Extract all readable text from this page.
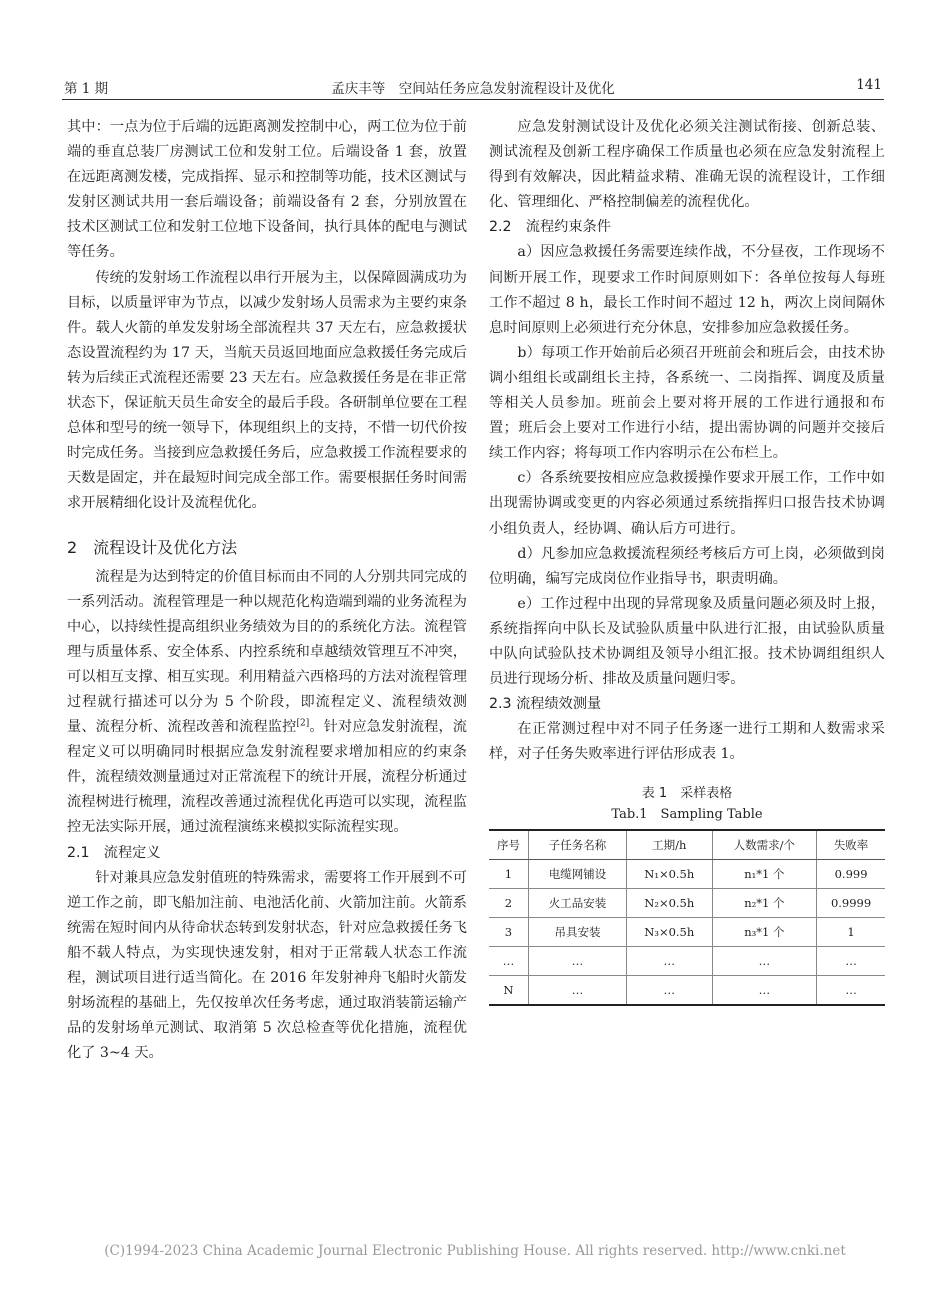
第 1 期	孟庆丰等　空间站任务应急发射流程设计及优化	141

其中：一点为位于后端的远距离测发控制中心，两工位为位于前端的垂直总装厂房测试工位和发射工位。后端设备 1 套，放置在远距离测发楼，完成指挥、显示和控制等功能，技术区测试与发射区测试共用一套后端设备；前端设备有 2 套，分别放置在技术区测试工位和发射工位地下设备间，执行具体的配电与测试等任务。

传统的发射场工作流程以串行开展为主，以保障圆满成功为目标，以质量评审为节点，以减少发射场人员需求为主要约束条件。载人火箭的单发发射场全部流程共 37 天左右，应急救援状态设置流程约为 17 天，当航天员返回地面应急救援任务完成后转为后续正式流程还需要 23 天左右。应急救援任务是在非正常状态下，保证航天员生命安全的最后手段。各研制单位要在工程总体和型号的统一领导下，体现组织上的支持，不惜一切代价按时完成任务。当接到应急救援任务后，应急救援工作流程要求的天数是固定，并在最短时间完成全部工作。需要根据任务时间需求开展精细化设计及流程优化。

2　流程设计及优化方法

流程是为达到特定的价值目标而由不同的人分别共同完成的一系列活动。流程管理是一种以规范化构造端到端的业务流程为中心，以持续性提高组织业务绩效为目的的系统化方法。流程管理与质量体系、安全体系、内控系统和卓越绩效管理互不冲突，可以相互支撑、相互实现。利用精益六西格玛的方法对流程管理过程就行描述可以分为 5 个阶段，即流程定义、流程绩效测量、流程分析、流程改善和流程监控[2]。针对应急发射流程，流程定义可以明确同时根据应急发射流程要求增加相应的约束条件，流程绩效测量通过对正常流程下的统计开展，流程分析通过流程树进行梳理，流程改善通过流程优化再造可以实现，流程监控无法实际开展，通过流程演练来模拟实际流程实现。

2.1　流程定义

针对兼具应急发射值班的特殊需求，需要将工作开展到不可逆工作之前，即飞船加注前、电池活化前、火箭加注前。火箭系统需在短时间内从待命状态转到发射状态，针对应急救援任务飞船不载人特点，为实现快速发射，相对于正常载人状态工作流程，测试项目进行适当简化。在 2016 年发射神舟飞船时火箭发射场流程的基础上，先仅按单次任务考虑，通过取消装箭运输产品的发射场单元测试、取消第 5 次总检查等优化措施，流程优化了 3~4 天。

应急发射测试设计及优化必须关注测试衔接、创新总装、测试流程及创新工程序确保工作质量也必须在应急发射流程上得到有效解决，因此精益求精、准确无误的流程设计，工作细化、管理细化、严格控制偏差的流程优化。

2.2　流程约束条件

a）因应急救援任务需要连续作战，不分昼夜，工作现场不间断开展工作，现要求工作时间原则如下：各单位按每人每班工作不超过 8 h，最长工作时间不超过 12 h，两次上岗间隔休息时间原则上必须进行充分休息，安排参加应急救援任务。

b）每项工作开始前后必须召开班前会和班后会，由技术协调小组组长或副组长主持，各系统一、二岗指挥、调度及质量等相关人员参加。班前会上要对将开展的工作进行通报和布置；班后会上要对工作进行小结，提出需协调的问题并交接后续工作内容；将每项工作内容明示在公布栏上。

c）各系统要按相应应急救援操作要求开展工作，工作中如出现需协调或变更的内容必须通过系统指挥归口报告技术协调小组负责人，经协调、确认后方可进行。

d）凡参加应急救援流程须经考核后方可上岗，必须做到岗位明确，编写完成岗位作业指导书，职责明确。

e）工作过程中出现的异常现象及质量问题必须及时上报，系统指挥向中队长及试验队质量中队进行汇报，由试验队质量中队向试验队技术协调组及领导小组汇报。技术协调组组织人员进行现场分析、排故及质量问题归零。

2.3 流程绩效测量

在正常测过程中对不同子任务逐一进行工期和人数需求采样，对子任务失败率进行评估形成表 1。

表 1　采样表格

Tab.1　Sampling Table

序号	子任务名称	工期/h	人数需求/个	失败率
1	电缆网铺设	N₁×0.5h	n₁*1 个	0.999
2	火工品安装	N₂×0.5h	n₂*1 个	0.9999
3	吊具安装	N₃×0.5h	n₃*1 个	1
…	…	…	…	…
N	…	…	…	…
(C)1994-2023 China Academic Journal Electronic Publishing House. All rights reserved. http://www.cnki.net
